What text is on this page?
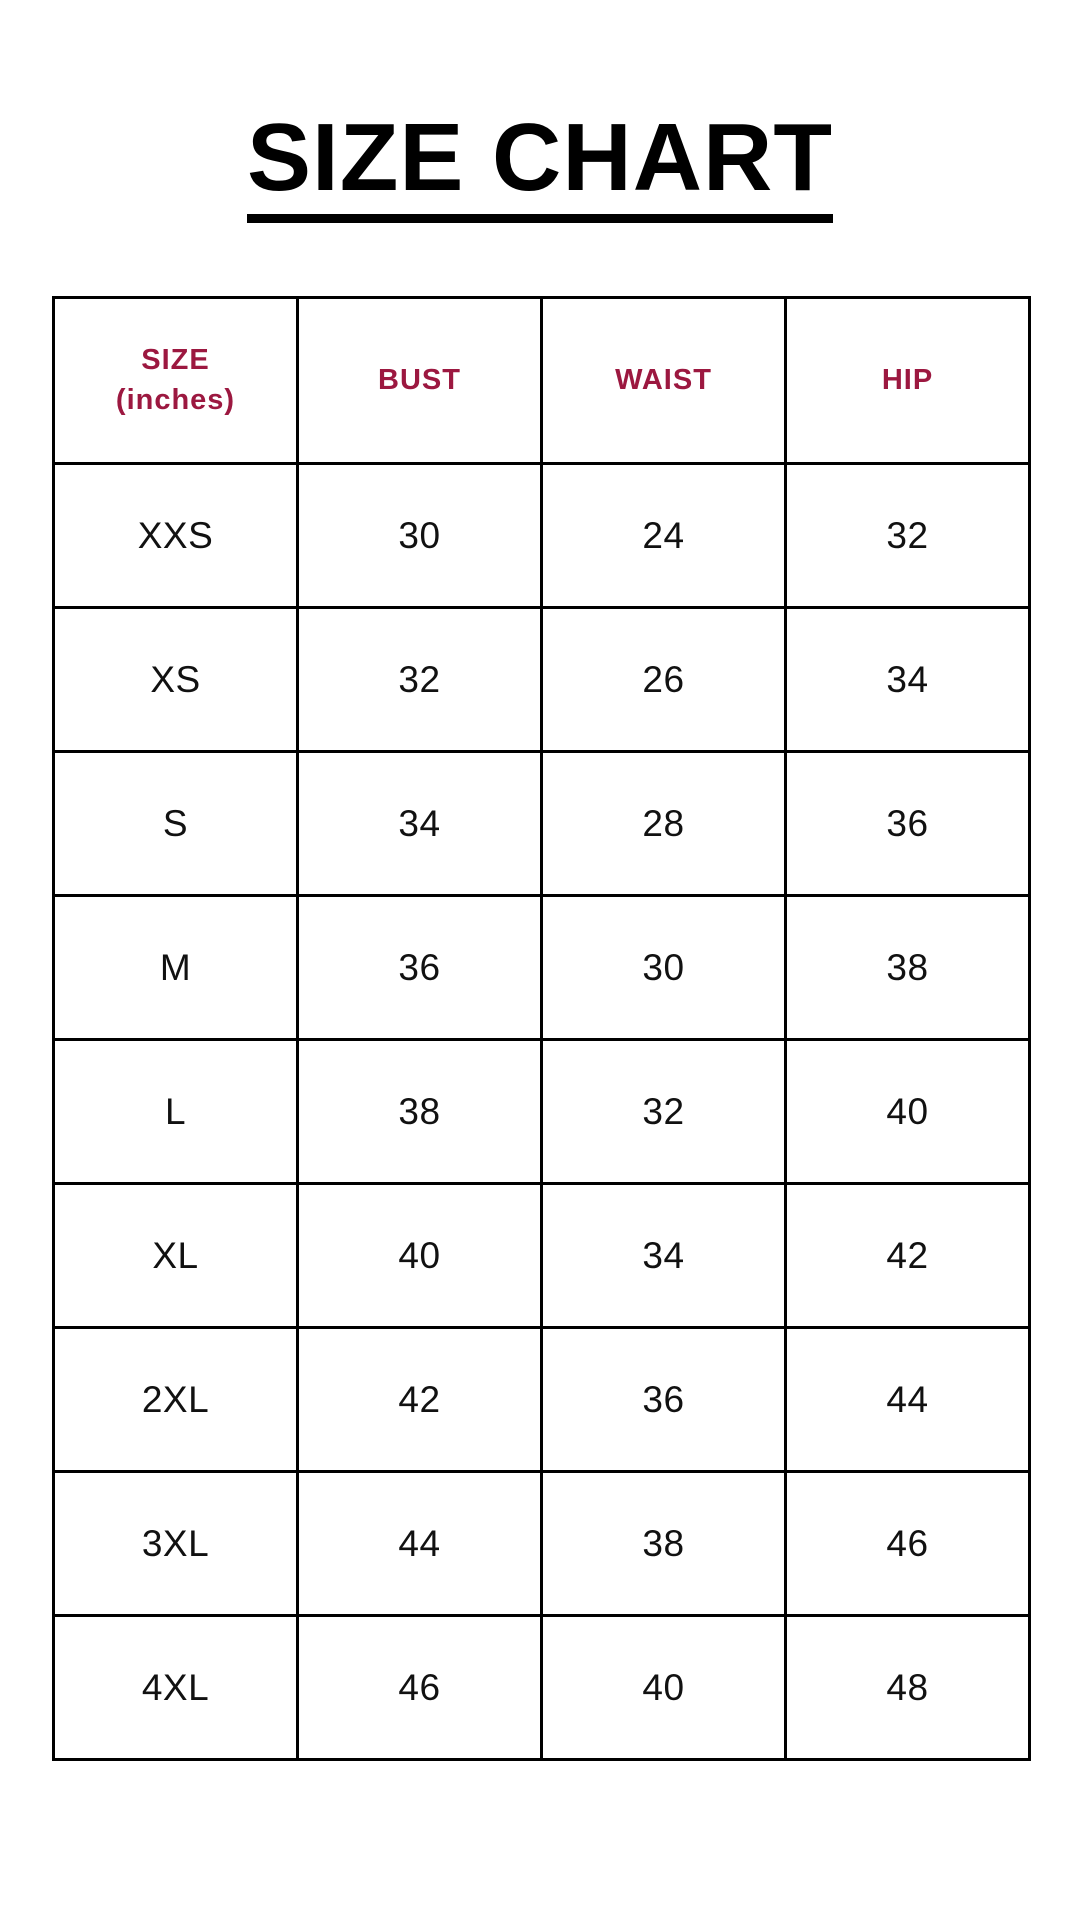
SIZE CHART
SIZE
(inches)	BUST	WAIST	HIP
XXS	30	24	32
XS	32	26	34
S	34	28	36
M	36	30	38
L	38	32	40
XL	40	34	42
2XL	42	36	44
3XL	44	38	46
4XL	46	40	48
